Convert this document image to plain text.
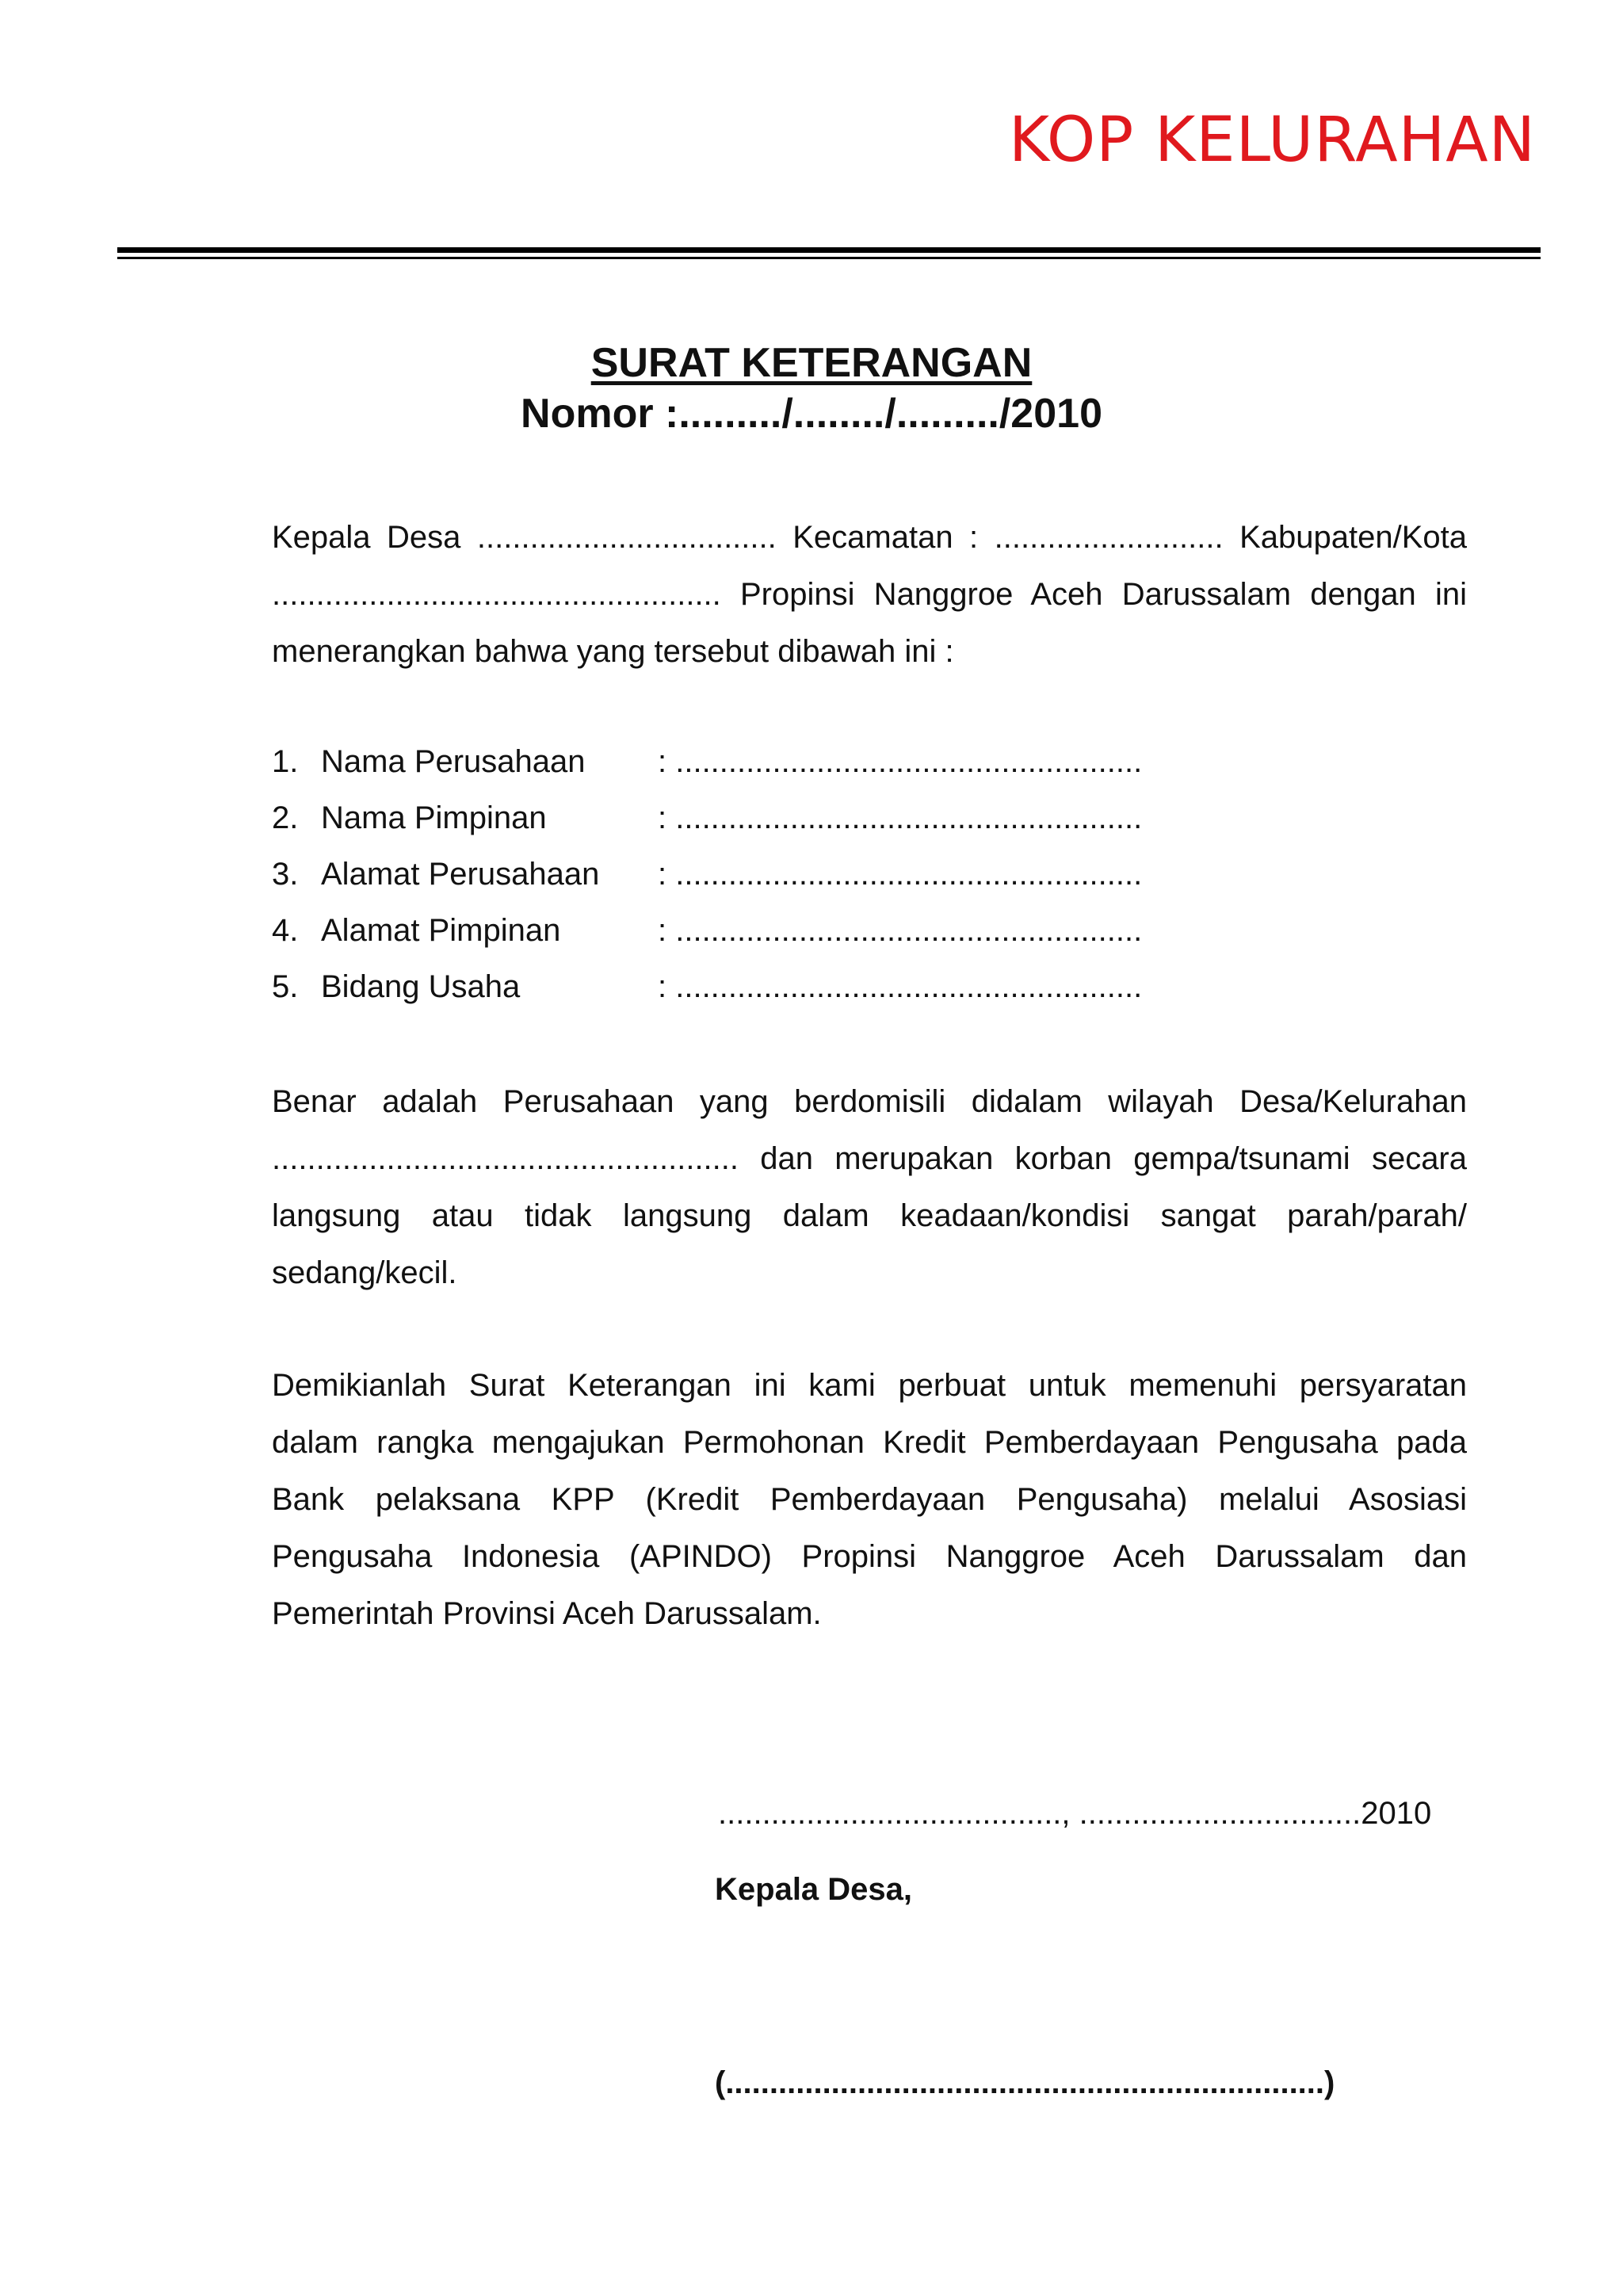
KOP KELURAHAN
SURAT KETERANGAN
Nomor :........./......../........./2010
Kepala Desa .................................. Kecamatan : .......................... Kabupaten/Kota
................................................... Propinsi Nanggroe Aceh Darussalam dengan ini
menerangkan bahwa yang tersebut dibawah ini :
1. Nama Perusahaan : .....................................................
2. Nama Pimpinan	: .....................................................
3. Alamat Perusahaan : .....................................................
4. Alamat Pimpinan	: .....................................................
5. Bidang Usaha	: .....................................................
Benar adalah Perusahaan yang berdomisili didalam wilayah Desa/Kelurahan
..................................................... dan merupakan korban gempa/tsunami secara
langsung atau tidak langsung dalam keadaan/kondisi sangat parah/parah/
sedang/kecil.
Demikianlah Surat Keterangan ini kami perbuat untuk memenuhi persyaratan
dalam rangka mengajukan Permohonan Kredit Pemberdayaan Pengusaha pada
Bank pelaksana KPP (Kredit Pemberdayaan Pengusaha) melalui Asosiasi
Pengusaha Indonesia (APINDO) Propinsi Nanggroe Aceh Darussalam dan
Pemerintah Provinsi Aceh Darussalam.
......................................., ................................2010
Kepala Desa,
(....................................................................)
